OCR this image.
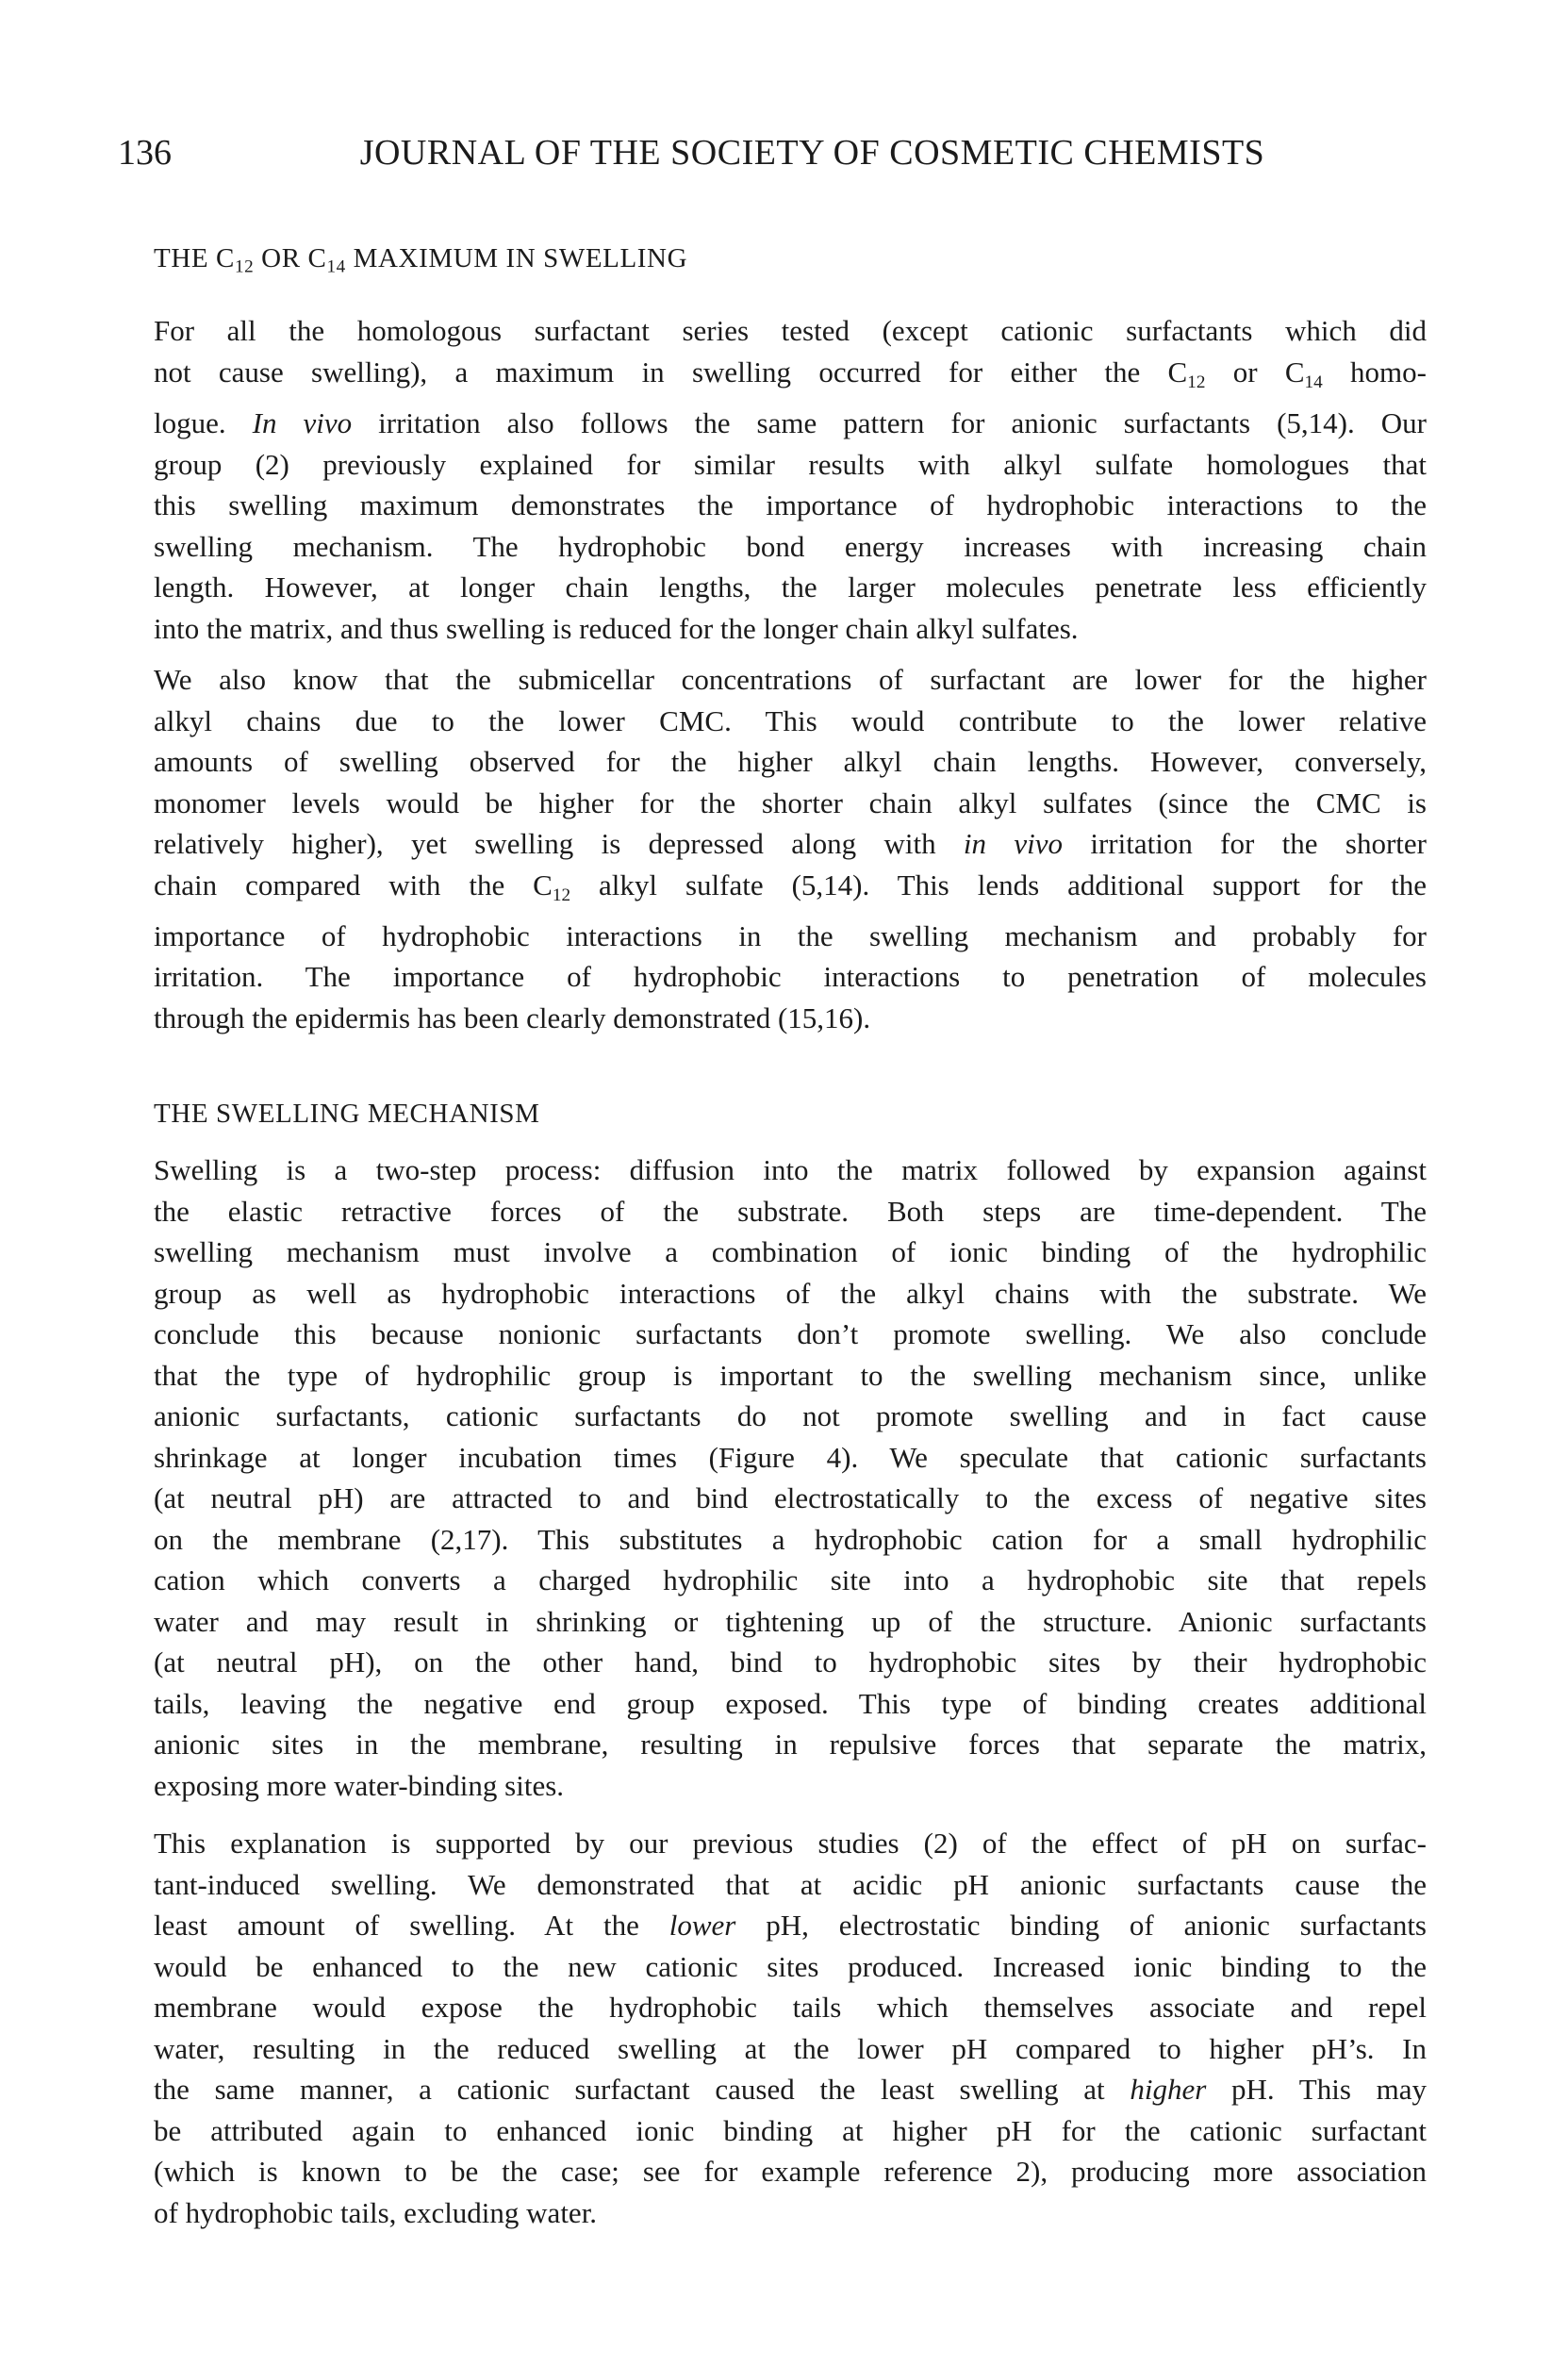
136	JOURNAL OF THE SOCIETY OF COSMETIC CHEMISTS
THE $C_{12}$ OR $C_{14}$ MAXIMUM IN SWELLING
For all the homologous surfactant series tested (except cationic surfactants which did
not cause swelling), a maximum in swelling occurred for either the $C_{12}$ or $C_{14}$ homo-
logue. In vivo irritation also follows the same pattern for anionic surfactants (5,14). Our
group (2) previously explained for similar results with alkyl sulfate homologues that
this swelling maximum demonstrates the importance of hydrophobic interactions to the
swelling mechanism. The hydrophobic bond energy increases with increasing chain
length. However, at longer chain lengths, the larger molecules penetrate less efficiently
into the matrix, and thus swelling is reduced for the longer chain alkyl sulfates.
We also know that the submicellar concentrations of surfactant are lower for the higher
alkyl chains due to the lower CMC. This would contribute to the lower relative
amounts of swelling observed for the higher alkyl chain lengths. However, conversely,
monomer levels would be higher for the shorter chain alkyl sulfates (since the CMC is
relatively higher), yet swelling is depressed along with in vivo irritation for the shorter
chain compared with the $C_{12}$ alkyl sulfate (5,14). This lends additional support for the
importance of hydrophobic interactions in the swelling mechanism and probably for
irritation. The importance of hydrophobic interactions to penetration of molecules
through the epidermis has been clearly demonstrated (15,16).
THE SWELLING MECHANISM
Swelling is a two-step process: diffusion into the matrix followed by expansion against
the elastic retractive forces of the substrate. Both steps are time-dependent. The
swelling mechanism must involve a combination of ionic binding of the hydrophilic
group as well as hydrophobic interactions of the alkyl chains with the substrate. We
conclude this because nonionic surfactants don’t promote swelling. We also conclude
that the type of hydrophilic group is important to the swelling mechanism since, unlike
anionic surfactants, cationic surfactants do not promote swelling and in fact cause
shrinkage at longer incubation times (Figure 4). We speculate that cationic surfactants
(at neutral pH) are attracted to and bind electrostatically to the excess of negative sites
on the membrane (2,17). This substitutes a hydrophobic cation for a small hydrophilic
cation which converts a charged hydrophilic site into a hydrophobic site that repels
water and may result in shrinking or tightening up of the structure. Anionic surfactants
(at neutral pH), on the other hand, bind to hydrophobic sites by their hydrophobic
tails, leaving the negative end group exposed. This type of binding creates additional
anionic sites in the membrane, resulting in repulsive forces that separate the matrix,
exposing more water-binding sites.
This explanation is supported by our previous studies (2) of the effect of pH on surfac-
tant-induced swelling. We demonstrated that at acidic pH anionic surfactants cause the
least amount of swelling. At the lower pH, electrostatic binding of anionic surfactants
would be enhanced to the new cationic sites produced. Increased ionic binding to the
membrane would expose the hydrophobic tails which themselves associate and repel
water, resulting in the reduced swelling at the lower pH compared to higher pH’s. In
the same manner, a cationic surfactant caused the least swelling at higher pH. This may
be attributed again to enhanced ionic binding at higher pH for the cationic surfactant
(which is known to be the case; see for example reference 2), producing more association
of hydrophobic tails, excluding water.
